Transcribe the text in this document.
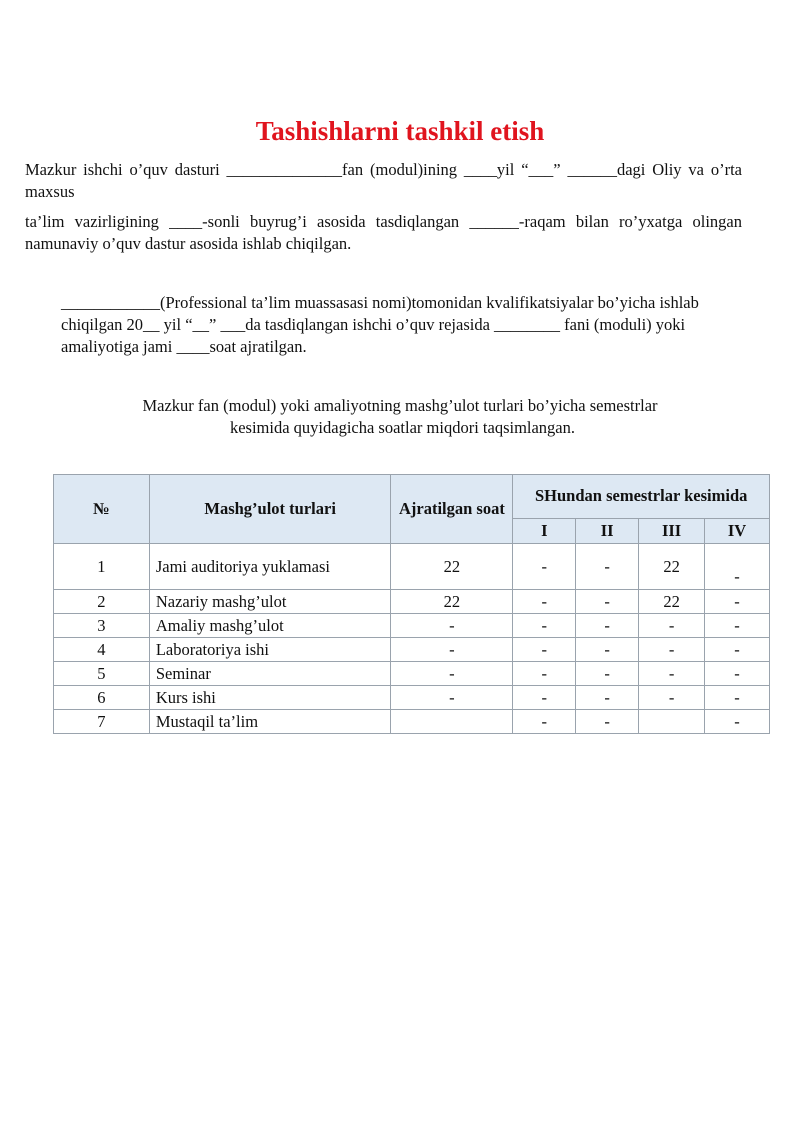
Tashishlarni tashkil etish

Mazkur ishchi o’quv dasturi ______________fan (modul)ining ____yil “___” ______dagi Oliy va o’rta maxsus

ta’lim vazirligining ____-sonli buyrug’i asosida tasdiqlangan ______-raqam bilan ro’yxatga olingan namunaviy o’quv dastur asosida ishlab chiqilgan.

____________(Professional ta’lim muassasasi nomi)tomonidan kvalifikatsiyalar bo’yicha ishlab chiqilgan 20__ yil “__” ___da tasdiqlangan ishchi o’quv rejasida ________ fani (moduli) yoki amaliyotiga jami ____soat ajratilgan.

Mazkur fan (modul) yoki amaliyotning mashg’ulot turlari bo’yicha semestrlar

kesimida quyidagicha soatlar miqdori taqsimlangan.

№	Mashg’ulot turlari	Ajratilgan soat	SHundan semestrlar kesimida			
			I	II	III	IV
1	Jami auditoriya yuklamasi	22	-	-	22	-
2	Nazariy mashg’ulot	22	-	-	22	-
3	Amaliy mashg’ulot	-	-	-	-	-
4	Laboratoriya ishi	-	-	-	-	-
5	Seminar	-	-	-	-	-
6	Kurs ishi	-	-	-	-	-
7	Mustaqil ta’lim		-	-		-
